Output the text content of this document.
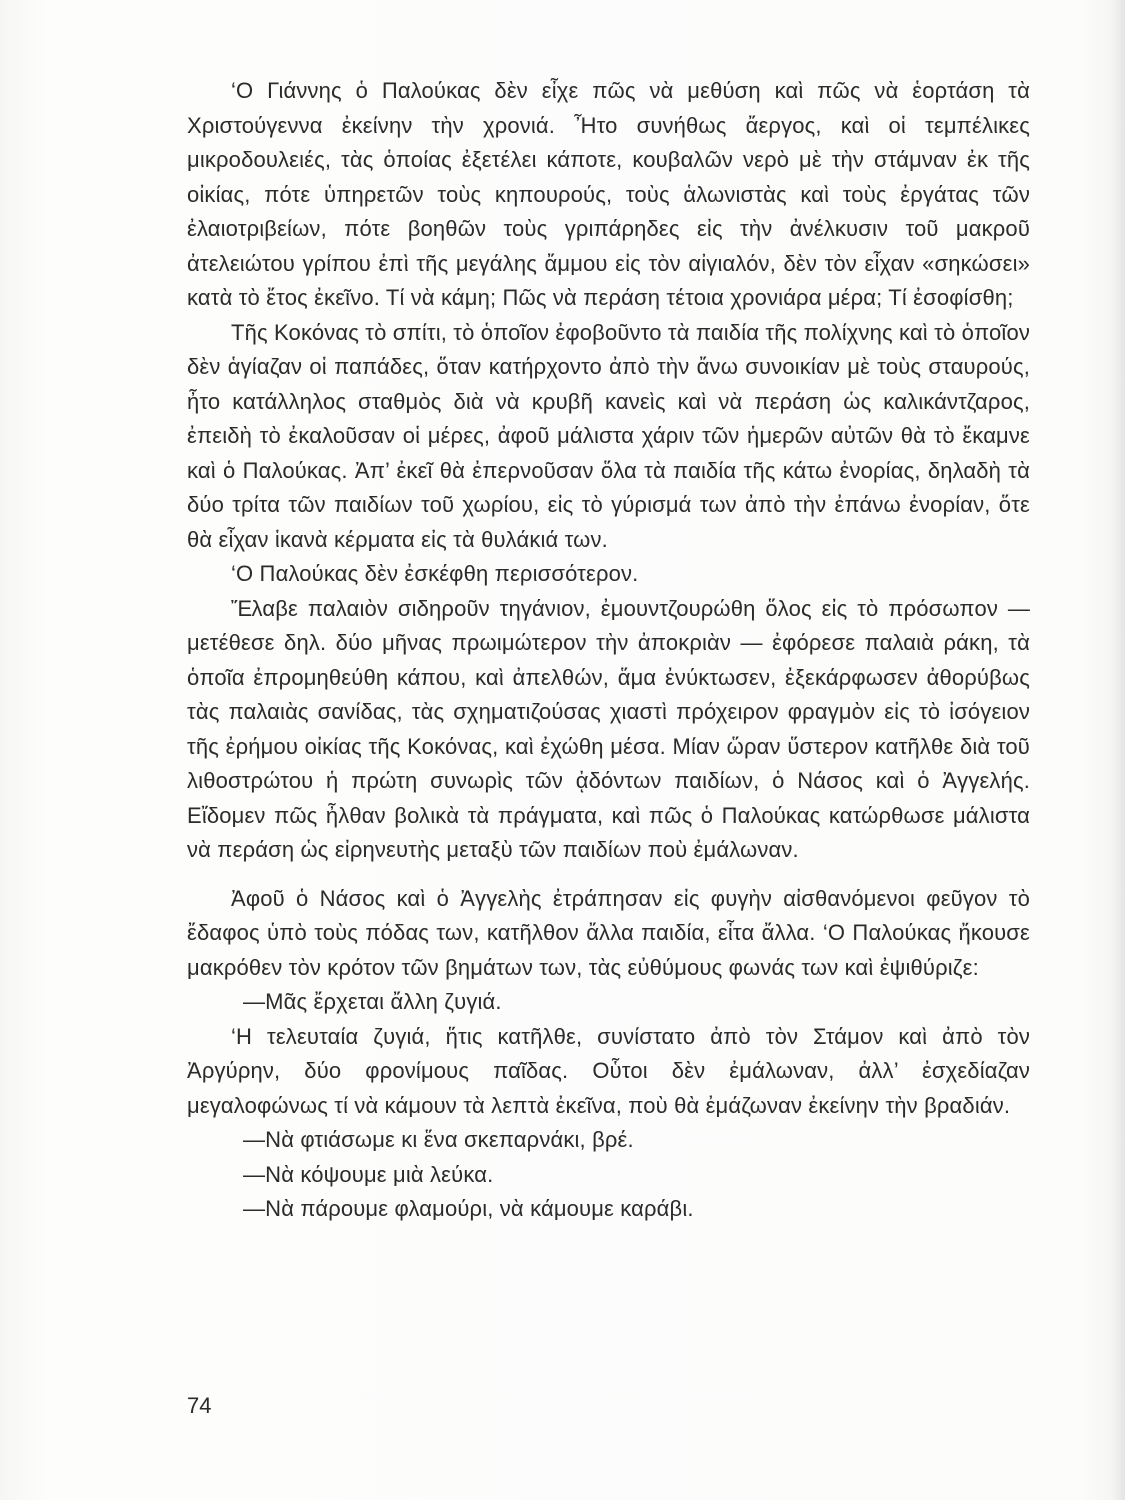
‘Ο Γιάννης ὁ Παλούκας δὲν εἶχε πῶς νὰ μεθύση καὶ πῶς νὰ ἑορτάση τὰ Χριστούγεννα ἐκείνην τὴν χρονιά. Ἦτο συνήθως ἄεργος, καὶ οἱ τεμπέλικες μικροδουλειές, τὰς ὁποίας ἐξετέλει κάποτε, κουβαλῶν νερὸ μὲ τὴν στάμναν ἐκ τῆς οἰκίας, πότε ὑπηρετῶν τοὺς κηπουρούς, τοὺς ἁλωνιστὰς καὶ τοὺς ἐργάτας τῶν ἐλαιοτριβείων, πότε βοηθῶν τοὺς γριπάρηδες εἰς τὴν ἀνέλκυσιν τοῦ μακροῦ ἀτελειώτου γρίπου ἐπὶ τῆς μεγάλης ἄμμου εἰς τὸν αἰγιαλόν, δὲν τὸν εἶχαν «σηκώσει» κατὰ τὸ ἔτος ἐκεῖνο. Τί νὰ κάμη; Πῶς νὰ περάση τέτοια χρονιάρα μέρα; Τί ἐσοφίσθη;

Τῆς Κοκόνας τὸ σπίτι, τὸ ὁποῖον ἐφοβοῦντο τὰ παιδία τῆς πολίχνης καὶ τὸ ὁποῖον δὲν ἁγίαζαν οἱ παπάδες, ὅταν κατήρχοντο ἀπὸ τὴν ἄνω συνοικίαν μὲ τοὺς σταυρούς, ἦτο κατάλληλος σταθμὸς διὰ νὰ κρυβῆ κανεὶς καὶ νὰ περάση ὡς καλικάντζαρος, ἐπειδὴ τὸ ἐκαλοῦσαν οἱ μέρες, ἀφοῦ μάλιστα χάριν τῶν ἡμερῶν αὐτῶν θὰ τὸ ἔκαμνε καὶ ὁ Παλούκας. Ἀπ’ ἐκεῖ θὰ ἐπερνοῦσαν ὅλα τὰ παιδία τῆς κάτω ἐνορίας, δηλαδὴ τὰ δύο τρίτα τῶν παιδίων τοῦ χωρίου, εἰς τὸ γύρισμά των ἀπὸ τὴν ἐπάνω ἐνορίαν, ὅτε θὰ εἶχαν ἱκανὰ κέρματα εἰς τὰ θυλάκιά των.

‘Ο Παλούκας δὲν ἐσκέφθη περισσότερον.

Ἔλαβε παλαιὸν σιδηροῦν τηγάνιον, ἐμουντζουρώθη ὅλος εἰς τὸ πρόσωπον — μετέθεσε δηλ. δύο μῆνας πρωιμώτερον τὴν ἀποκριὰν — ἐφόρεσε παλαιὰ ράκη, τὰ ὁποῖα ἐπρομηθεύθη κάπου, καὶ ἀπελθών, ἅμα ἐνύκτωσεν, ἐξεκάρφωσεν ἀθορύβως τὰς παλαιὰς σανίδας, τὰς σχηματιζούσας χιαστὶ πρόχειρον φραγμὸν εἰς τὸ ἰσόγειον τῆς ἐρήμου οἰκίας τῆς Κοκόνας, καὶ ἐχώθη μέσα. Μίαν ὥραν ὕστερον κατῆλθε διὰ τοῦ λιθοστρώτου ἡ πρώτη συνωρὶς τῶν ᾀδόντων παιδίων, ὁ Νάσος καὶ ὁ Ἀγγελής. Εἴδομεν πῶς ἦλθαν βολικὰ τὰ πράγματα, καὶ πῶς ὁ Παλούκας κατώρθωσε μάλιστα νὰ περάση ὡς εἰρηνευτὴς μεταξὺ τῶν παιδίων ποὺ ἐμάλωναν.

Ἀφοῦ ὁ Νάσος καὶ ὁ Ἀγγελὴς ἐτράπησαν εἰς φυγὴν αἰσθανόμενοι φεῦγον τὸ ἔδαφος ὑπὸ τοὺς πόδας των, κατῆλθον ἄλλα παιδία, εἶτα ἄλλα. ‘Ο Παλούκας ἤκουσε μακρόθεν τὸν κρότον τῶν βημάτων των, τὰς εὐθύμους φωνάς των καὶ ἐψιθύριζε:

—Μᾶς ἔρχεται ἄλλη ζυγιά.

‘Η τελευταία ζυγιά, ἥτις κατῆλθε, συνίστατο ἀπὸ τὸν Στάμον καὶ ἀπὸ τὸν Ἀργύρην, δύο φρονίμους παῖδας. Οὗτοι δὲν ἐμάλωναν, ἀλλ’ ἐσχεδίαζαν μεγαλοφώνως τί νὰ κάμουν τὰ λεπτὰ ἐκεῖνα, ποὺ θὰ ἐμάζωναν ἐκείνην τὴν βραδιάν.

—Νὰ φτιάσωμε κι ἕνα σκεπαρνάκι, βρέ.

—Νὰ κόψουμε μιὰ λεύκα.

—Νὰ πάρουμε φλαμούρι, νὰ κάμουμε καράβι.

74
